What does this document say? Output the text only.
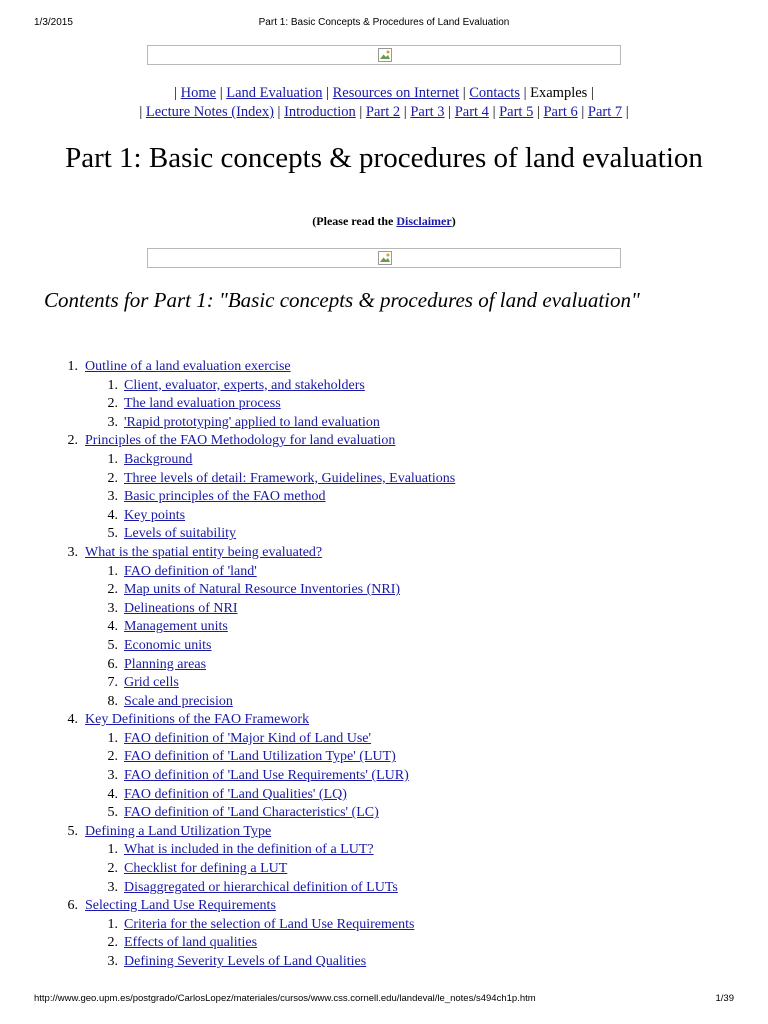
1/3/2015	Part 1: Basic Concepts & Procedures of Land Evaluation
| Home | Land Evaluation | Resources on Internet | Contacts | Examples |
| Lecture Notes (Index) | Introduction | Part 2 | Part 3 | Part 4 | Part 5 | Part 6 | Part 7 |
Part 1: Basic concepts & procedures of land evaluation
(Please read the Disclaimer)
Contents for Part 1: "Basic concepts & procedures of land evaluation"
1. Outline of a land evaluation exercise
1. Client, evaluator, experts, and stakeholders
2. The land evaluation process
3. 'Rapid prototyping' applied to land evaluation
2. Principles of the FAO Methodology for land evaluation
1. Background
2. Three levels of detail: Framework, Guidelines, Evaluations
3. Basic principles of the FAO method
4. Key points
5. Levels of suitability
3. What is the spatial entity being evaluated?
1. FAO definition of 'land'
2. Map units of Natural Resource Inventories (NRI)
3. Delineations of NRI
4. Management units
5. Economic units
6. Planning areas
7. Grid cells
8. Scale and precision
4. Key Definitions of the FAO Framework
1. FAO definition of 'Major Kind of Land Use'
2. FAO definition of 'Land Utilization Type' (LUT)
3. FAO definition of 'Land Use Requirements' (LUR)
4. FAO definition of 'Land Qualities' (LQ)
5. FAO definition of 'Land Characteristics' (LC)
5. Defining a Land Utilization Type
1. What is included in the definition of a LUT?
2. Checklist for defining a LUT
3. Disaggregated or hierarchical definition of LUTs
6. Selecting Land Use Requirements
1. Criteria for the selection of Land Use Requirements
2. Effects of land qualities
3. Defining Severity Levels of Land Qualities
http://www.geo.upm.es/postgrado/CarlosLopez/materiales/cursos/www.css.cornell.edu/landeval/le_notes/s494ch1p.htm	1/39
